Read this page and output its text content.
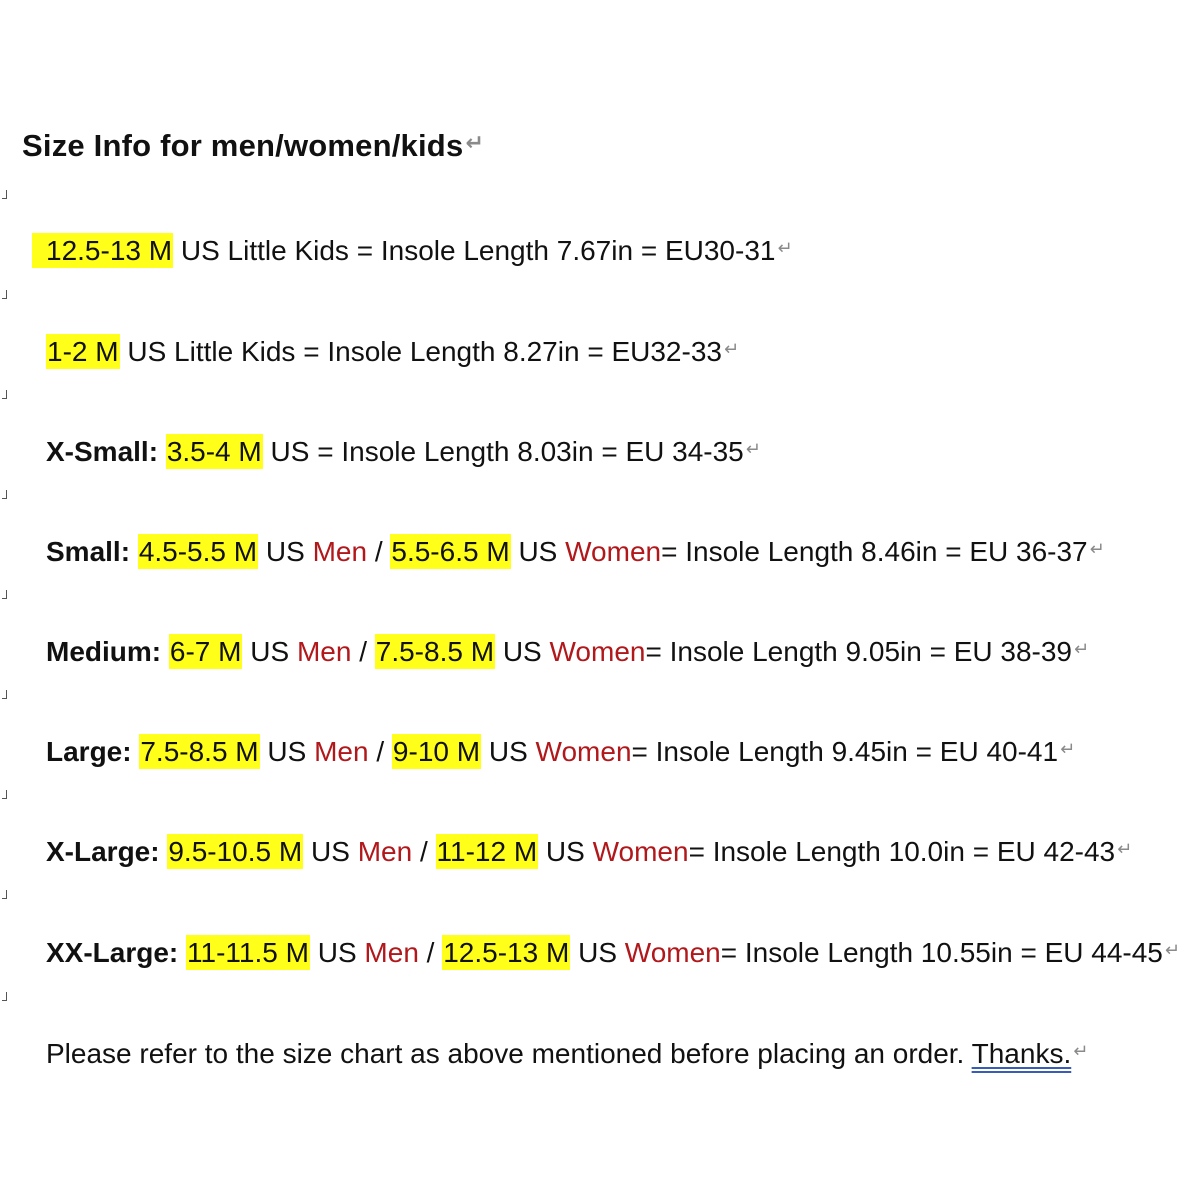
Size Info for men/women/kids↵
12.5-13 M US Little Kids = Insole Length 7.67in = EU30-31 ↵
1-2 M US Little Kids = Insole Length 8.27in = EU32-33 ↵
X-Small: 3.5-4 M US = Insole Length 8.03in = EU 34-35 ↵
Small: 4.5-5.5 M US Men / 5.5-6.5 M US Women= Insole Length 8.46in = EU 36-37 ↵
Medium: 6-7 M US Men / 7.5-8.5 M US Women= Insole Length 9.05in = EU 38-39 ↵
Large: 7.5-8.5 M US Men / 9-10 M US Women= Insole Length 9.45in = EU 40-41 ↵
X-Large: 9.5-10.5 M US Men / 11-12 M US Women= Insole Length 10.0in = EU 42-43 ↵
XX-Large: 11-11.5 M US Men / 12.5-13 M US Women= Insole Length 10.55in = EU 44-45 ↵
Please refer to the size chart as above mentioned before placing an order. Thanks. ↵
